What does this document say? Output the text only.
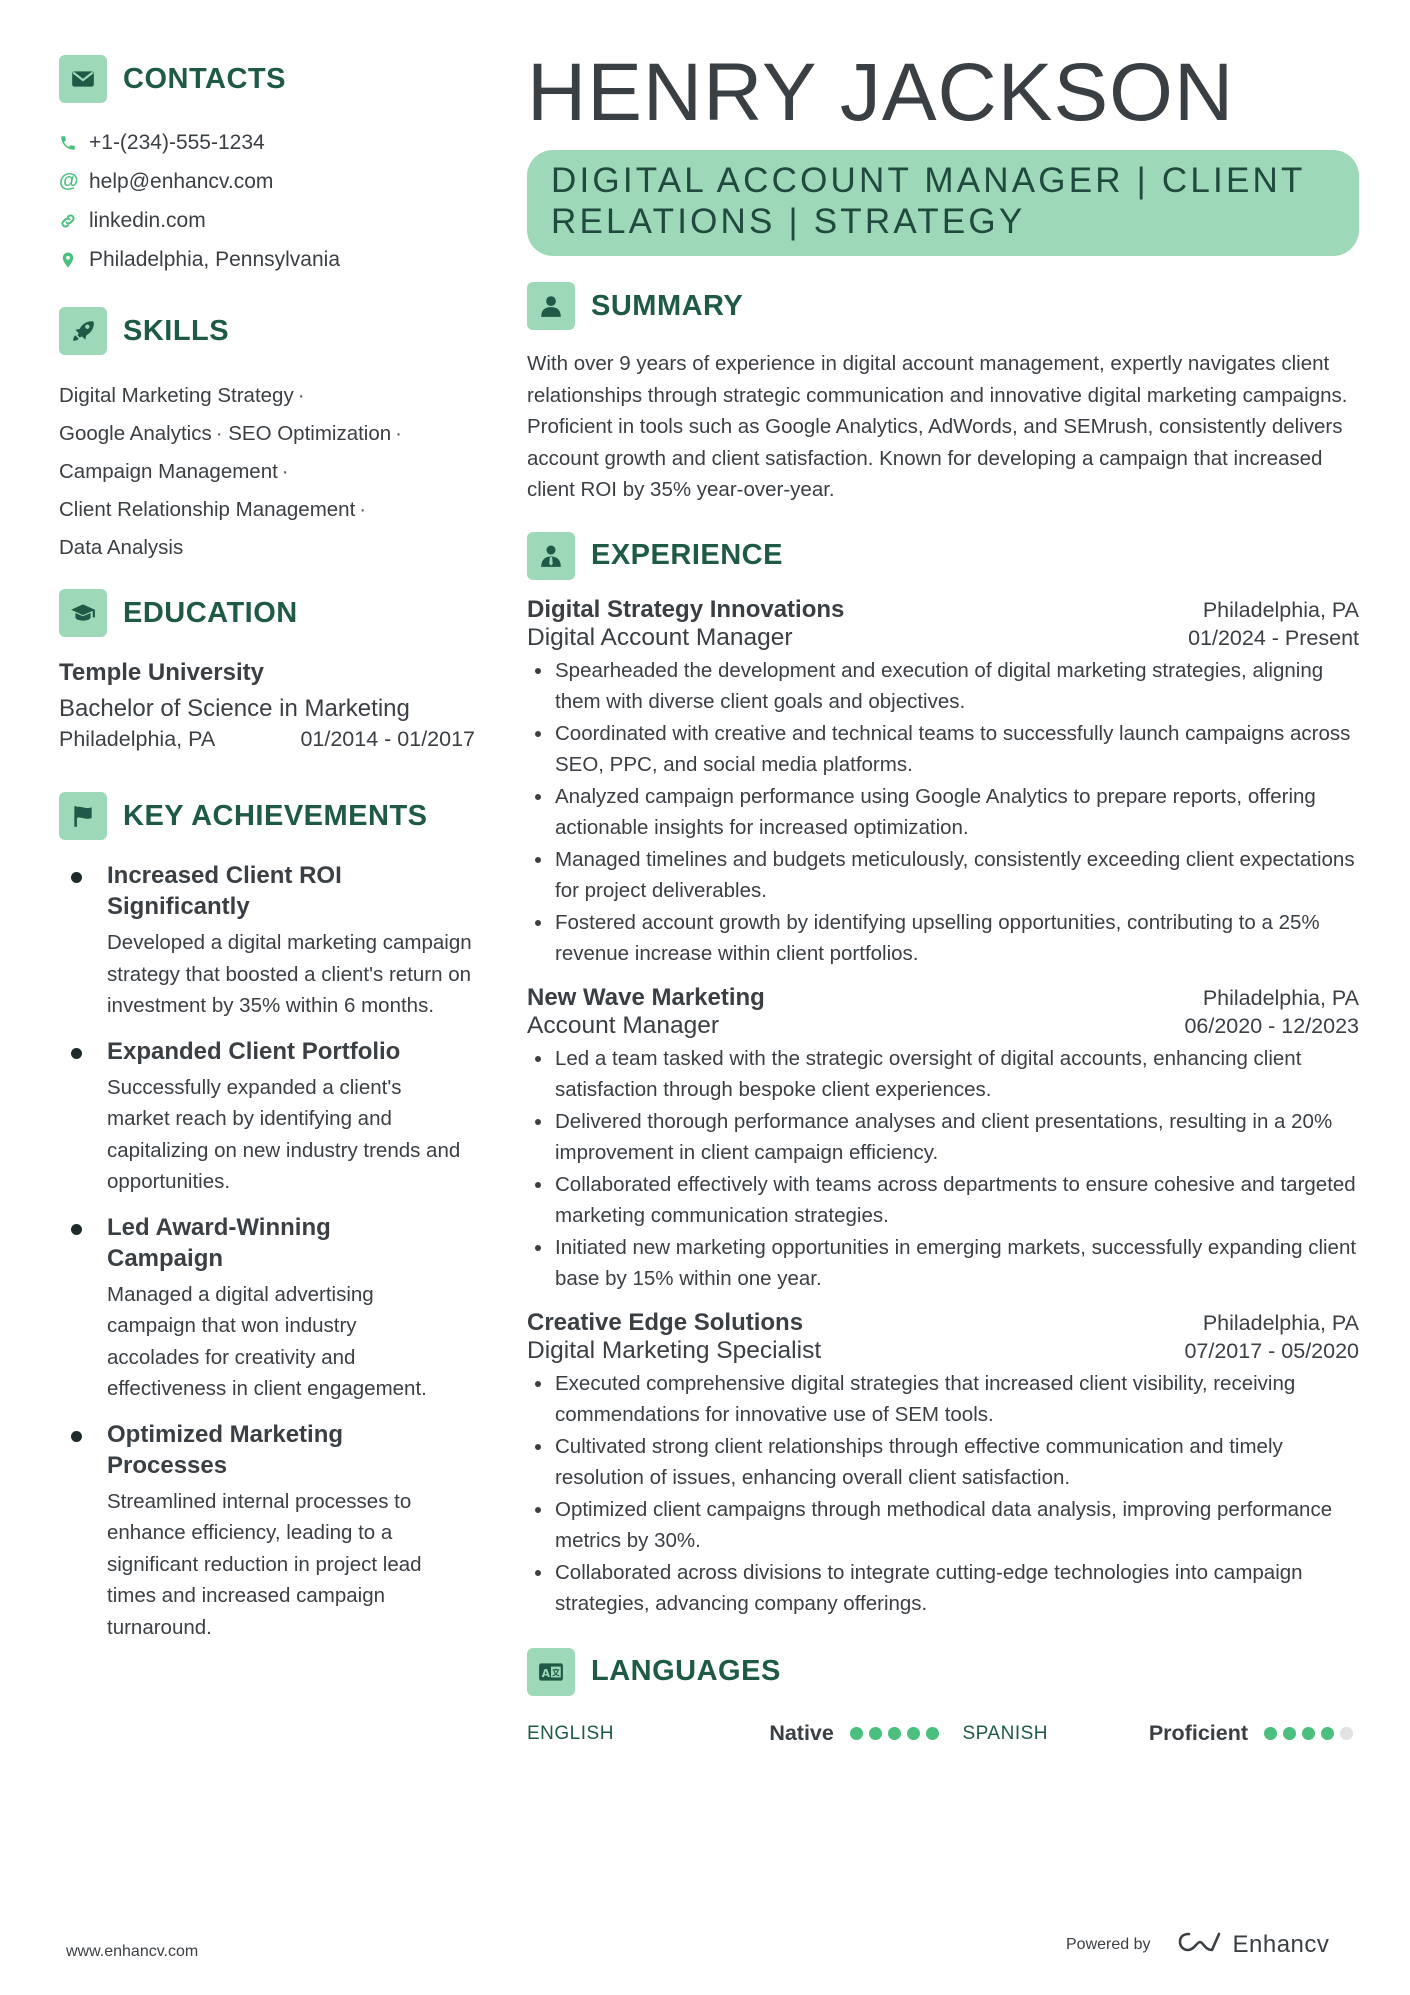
CONTACTS
+1-(234)-555-1234
@ help@enhancv.com
linkedin.com
Philadelphia, Pennsylvania
SKILLS
Digital Marketing Strategy ·
Google Analytics · SEO Optimization ·
Campaign Management ·
Client Relationship Management ·
Data Analysis
EDUCATION
Temple University
Bachelor of Science in Marketing
Philadelphia, PA	01/2014 - 01/2017
KEY ACHIEVEMENTS
Increased Client ROI Significantly
Developed a digital marketing campaign strategy that boosted a client's return on investment by 35% within 6 months.
Expanded Client Portfolio
Successfully expanded a client's market reach by identifying and capitalizing on new industry trends and opportunities.
Led Award-Winning Campaign
Managed a digital advertising campaign that won industry accolades for creativity and effectiveness in client engagement.
Optimized Marketing Processes
Streamlined internal processes to enhance efficiency, leading to a significant reduction in project lead times and increased campaign turnaround.
HENRY JACKSON
DIGITAL ACCOUNT MANAGER | CLIENT
RELATIONS | STRATEGY
SUMMARY
With over 9 years of experience in digital account management, expertly navigates client relationships through strategic communication and innovative digital marketing campaigns. Proficient in tools such as Google Analytics, AdWords, and SEMrush, consistently delivers account growth and client satisfaction. Known for developing a campaign that increased client ROI by 35% year-over-year.
EXPERIENCE
Digital Strategy Innovations	Philadelphia, PA
Digital Account Manager	01/2024 - Present
Spearheaded the development and execution of digital marketing strategies, aligning them with diverse client goals and objectives.
Coordinated with creative and technical teams to successfully launch campaigns across SEO, PPC, and social media platforms.
Analyzed campaign performance using Google Analytics to prepare reports, offering actionable insights for increased optimization.
Managed timelines and budgets meticulously, consistently exceeding client expectations for project deliverables.
Fostered account growth by identifying upselling opportunities, contributing to a 25% revenue increase within client portfolios.
New Wave Marketing	Philadelphia, PA
Account Manager	06/2020 - 12/2023
Led a team tasked with the strategic oversight of digital accounts, enhancing client satisfaction through bespoke client experiences.
Delivered thorough performance analyses and client presentations, resulting in a 20% improvement in client campaign efficiency.
Collaborated effectively with teams across departments to ensure cohesive and targeted marketing communication strategies.
Initiated new marketing opportunities in emerging markets, successfully expanding client base by 15% within one year.
Creative Edge Solutions	Philadelphia, PA
Digital Marketing Specialist	07/2017 - 05/2020
Executed comprehensive digital strategies that increased client visibility, receiving commendations for innovative use of SEM tools.
Cultivated strong client relationships through effective communication and timely resolution of issues, enhancing overall client satisfaction.
Optimized client campaigns through methodical data analysis, improving performance metrics by 30%.
Collaborated across divisions to integrate cutting-edge technologies into campaign strategies, advancing company offerings.
A LANGUAGES
ENGLISH	Native	SPANISH	Proficient
www.enhancv.com	Powered by	Enhancv
